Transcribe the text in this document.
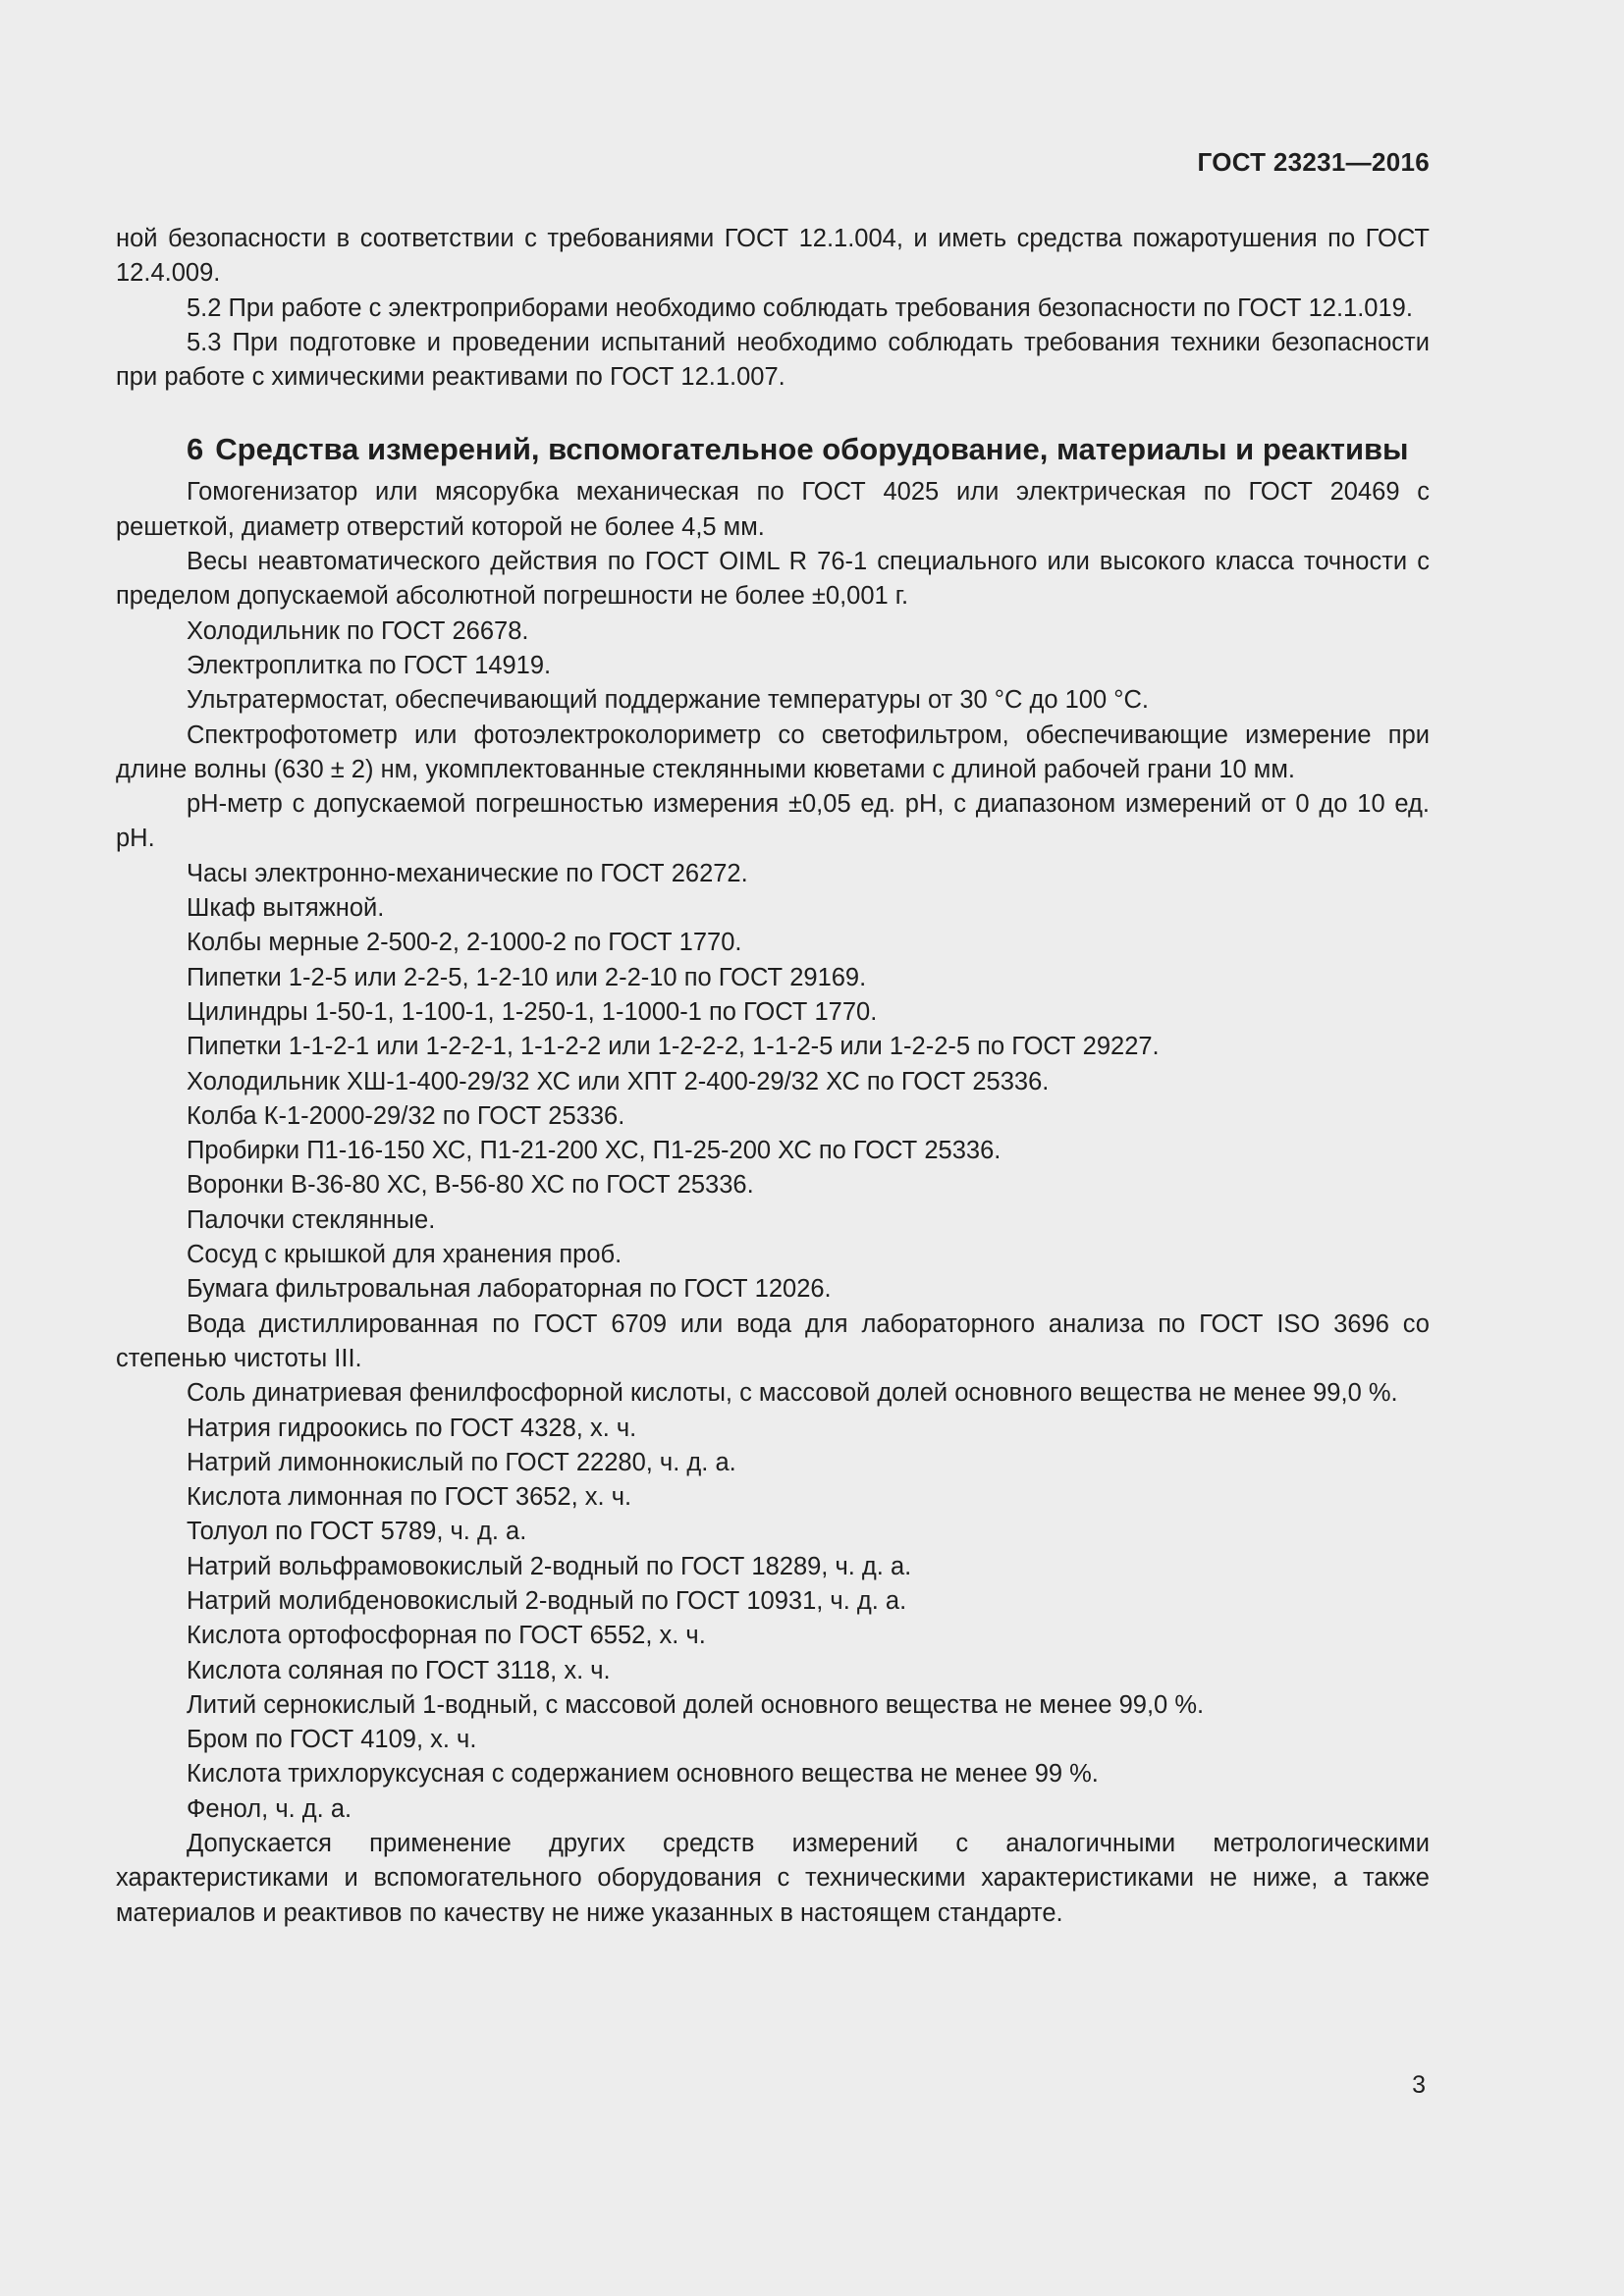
ГОСТ 23231—2016

ной безопасности в соответствии с требованиями ГОСТ 12.1.004, и иметь средства пожаротушения по ГОСТ 12.4.009.

5.2 При работе с электроприборами необходимо соблюдать требования безопасности по ГОСТ 12.1.019.

5.3 При подготовке и проведении испытаний необходимо соблюдать требования техники безопасности при работе с химическими реактивами по ГОСТ 12.1.007.

6 Средства измерений, вспомогательное оборудование, материалы и реактивы

Гомогенизатор или мясорубка механическая по ГОСТ 4025 или электрическая по ГОСТ 20469 с решеткой, диаметр отверстий которой не более 4,5 мм.

Весы неавтоматического действия по ГОСТ OIML R 76-1 специального или высокого класса точности с пределом допускаемой абсолютной погрешности не более ±0,001 г.

Холодильник по ГОСТ 26678.

Электроплитка по ГОСТ 14919.

Ультратермостат, обеспечивающий поддержание температуры от 30 °С до 100 °С.

Спектрофотометр или фотоэлектроколориметр со светофильтром, обеспечивающие измерение при длине волны (630 ± 2) нм, укомплектованные стеклянными кюветами с длиной рабочей грани 10 мм.

pH-метр с допускаемой погрешностью измерения ±0,05 ед. pH, с диапазоном измерений от 0 до 10 ед. pH.

Часы электронно-механические по ГОСТ 26272.

Шкаф вытяжной.

Колбы мерные 2-500-2, 2-1000-2 по ГОСТ 1770.

Пипетки 1-2-5 или 2-2-5, 1-2-10 или 2-2-10 по ГОСТ 29169.

Цилиндры 1-50-1, 1-100-1, 1-250-1, 1-1000-1 по ГОСТ 1770.

Пипетки 1-1-2-1 или 1-2-2-1, 1-1-2-2 или 1-2-2-2, 1-1-2-5 или 1-2-2-5 по ГОСТ 29227.

Холодильник ХШ-1-400-29/32 ХС или ХПТ 2-400-29/32 ХС по ГОСТ 25336.

Колба К-1-2000-29/32 по ГОСТ 25336.

Пробирки П1-16-150 ХС, П1-21-200 ХС, П1-25-200 ХС по ГОСТ 25336.

Воронки В-36-80 ХС, В-56-80 ХС по ГОСТ 25336.

Палочки стеклянные.

Сосуд с крышкой для хранения проб.

Бумага фильтровальная лабораторная по ГОСТ 12026.

Вода дистиллированная по ГОСТ 6709 или вода для лабораторного анализа по ГОСТ ISO 3696 со степенью чистоты III.

Соль динатриевая фенилфосфорной кислоты, с массовой долей основного вещества не менее 99,0 %.

Натрия гидроокись по ГОСТ 4328, х. ч.

Натрий лимоннокислый по ГОСТ 22280, ч. д. а.

Кислота лимонная по ГОСТ 3652, х. ч.

Толуол по ГОСТ 5789, ч. д. а.

Натрий вольфрамовокислый 2-водный по ГОСТ 18289, ч. д. а.

Натрий молибденовокислый 2-водный по ГОСТ 10931, ч. д. а.

Кислота ортофосфорная по ГОСТ 6552, х. ч.

Кислота соляная по ГОСТ 3118, х. ч.

Литий сернокислый 1-водный, с массовой долей основного вещества не менее 99,0 %.

Бром по ГОСТ 4109, х. ч.

Кислота трихлоруксусная с содержанием основного вещества не менее 99 %.

Фенол, ч. д. а.

Допускается применение других средств измерений с аналогичными метрологическими характеристиками и вспомогательного оборудования с техническими характеристиками не ниже, а также материалов и реактивов по качеству не ниже указанных в настоящем стандарте.

3
